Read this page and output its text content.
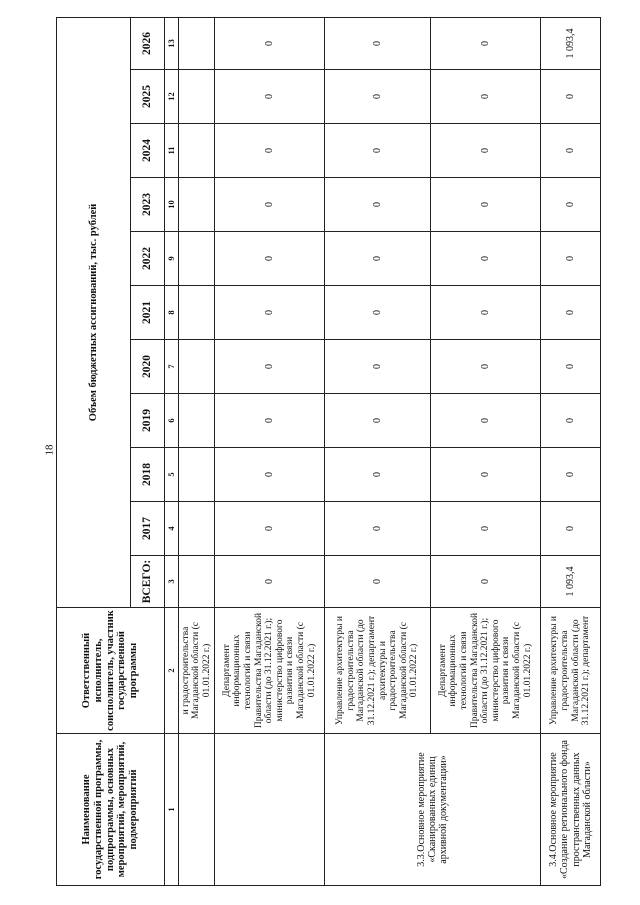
18
Наименование государственной программы, подпрограммы, основных мероприятий, мероприятий, подмероприятий	Ответственный исполнитель, соисполнитель, участник государственной программы	Объем бюджетных ассигнований, тыс. рублей										
		ВСЕГО:	2017	2018	2019	2020	2021	2022	2023	2024	2025	2026
1	2	3	4	5	6	7	8	9	10	11	12	13
	и градостроительства Магаданской области (с 01.01.2022 г.)											
	Департамент информационных технологий и связи Правительства Магаданской области (до 31.12.2021 г.); министерство цифрового развития и связи Магаданской области (с 01.01.2022 г.)	0	0	0	0	0	0	0	0	0	0	0
3.3.Основное мероприятие «Сканированных единиц архивной документации»	Управление архитектуры и градостроительства Магаданской области (до 31.12.2021 г.); департамент архитектуры и градостроительства Магаданской области (с 01.01.2022 г.)	0	0	0	0	0	0	0	0	0	0	0
	Департамент информационных технологий и связи Правительства Магаданской области (до 31.12.2021 г.); министерство цифрового развития и связи Магаданской области (с 01.01.2022 г.)	0	0	0	0	0	0	0	0	0	0	0
3.4.Основное мероприятие «Создание регионального фонда пространственных данных Магаданской области»	Управление архитектуры и градостроительства Магаданской области (до 31.12.2021 г.); департамент	1 093,4	0	0	0	0	0	0	0	0	0	1 093,4
